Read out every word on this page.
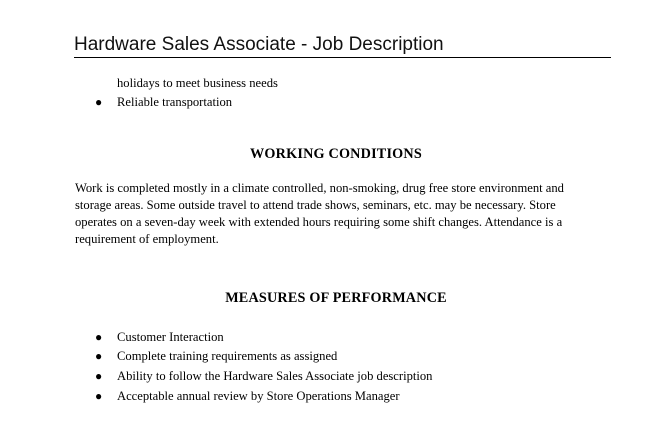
Hardware Sales Associate - Job Description
holidays to meet business needs
● Reliable transportation
WORKING CONDITIONS
Work is completed mostly in a climate controlled, non-smoking, drug free store environment and
storage areas. Some outside travel to attend trade shows, seminars, etc. may be necessary. Store
operates on a seven-day week with extended hours requiring some shift changes. Attendance is a
requirement of employment.
MEASURES OF PERFORMANCE
● Customer Interaction
● Complete training requirements as assigned
● Ability to follow the Hardware Sales Associate job description
● Acceptable annual review by Store Operations Manager
